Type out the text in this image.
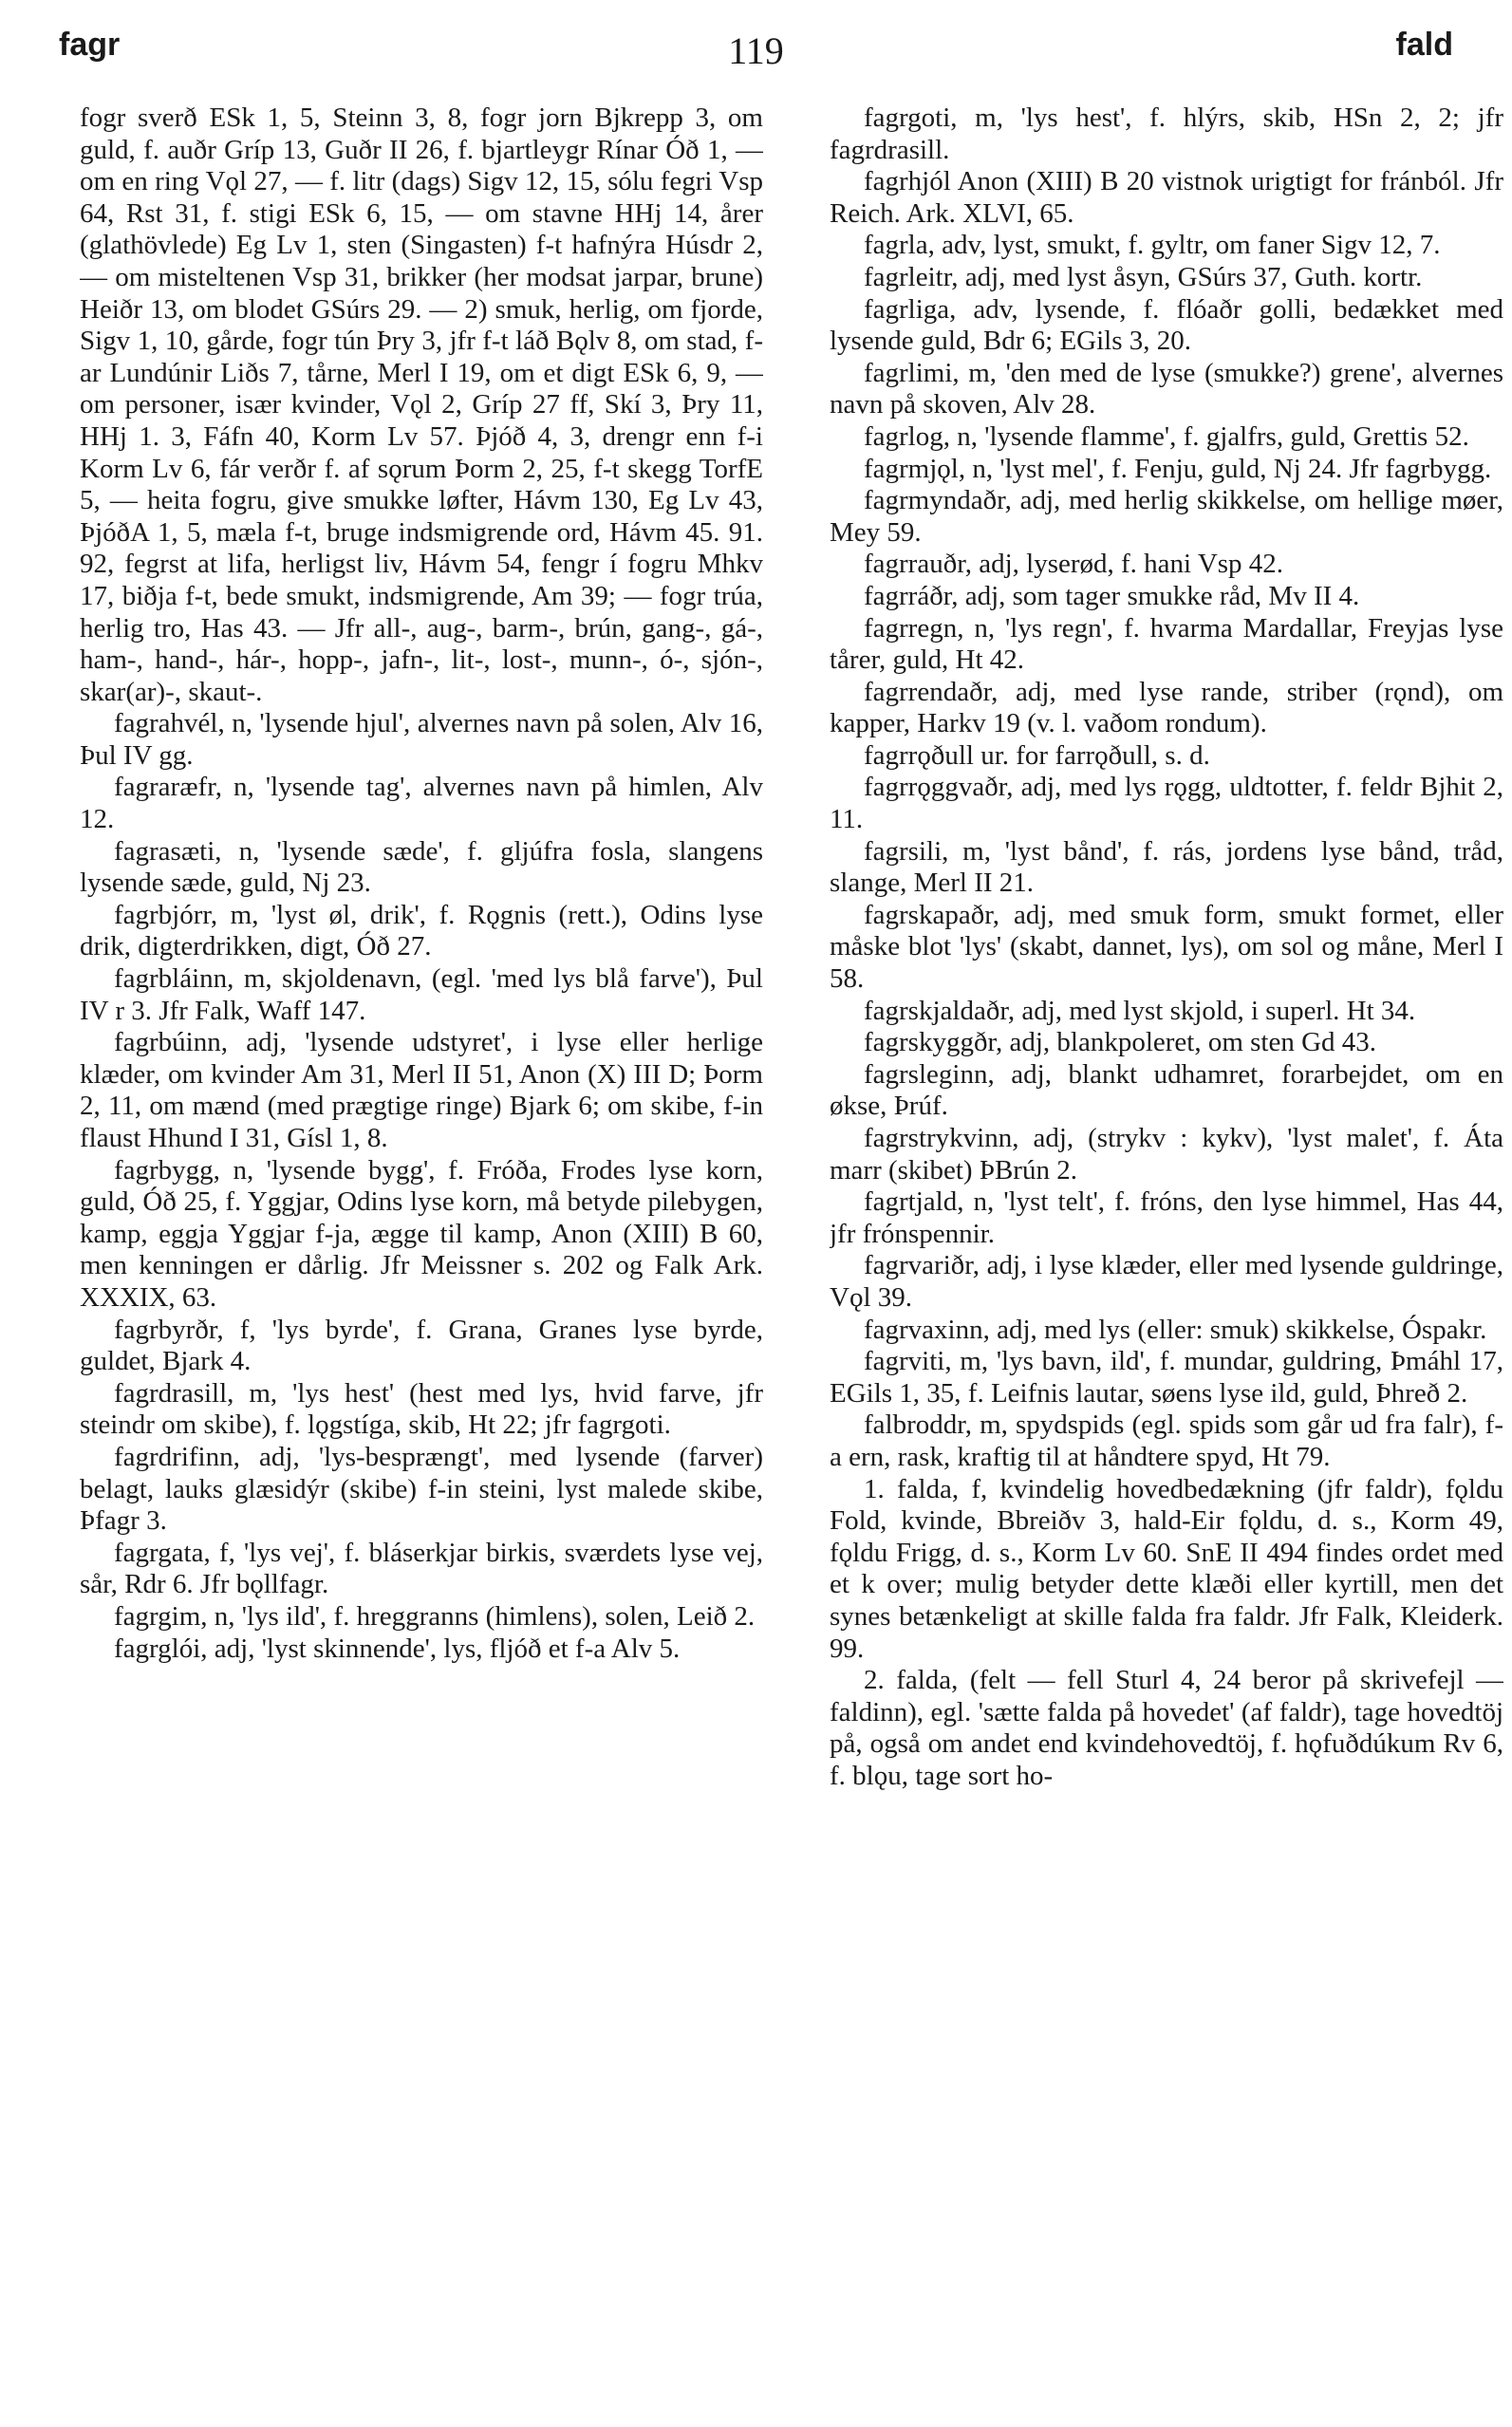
fagr	119	fald

fogr sverð ESk 1, 5, Steinn 3, 8, fogr jorn Bjkrepp 3, om guld, f. auðr Gríp 13, Guðr II 26, f. bjartleygr Rínar Óð 1, — om en ring Vǫl 27, — f. litr (dags) Sigv 12, 15, sólu fegri Vsp 64, Rst 31, f. stigi ESk 6, 15, — om stavne HHj 14, årer (glathövlede) Eg Lv 1, sten (Singasten) f-t hafnýra Húsdr 2, — om misteltenen Vsp 31, brikker (her modsat jarpar, brune) Heiðr 13, om blodet GSúrs 29. — 2) smuk, herlig, om fjorde, Sigv 1, 10, gårde, fogr tún Þry 3, jfr f-t láð Bǫlv 8, om stad, f-ar Lundúnir Liðs 7, tårne, Merl I 19, om et digt ESk 6, 9, — om personer, især kvinder, Vǫl 2, Gríp 27 ff, Skí 3, Þry 11, HHj 1. 3, Fáfn 40, Korm Lv 57. Þjóð 4, 3, drengr enn f-i Korm Lv 6, fár verðr f. af sǫrum Þorm 2, 25, f-t skegg TorfE 5, — heita fogru, give smukke løfter, Hávm 130, Eg Lv 43, ÞjóðA 1, 5, mæla f-t, bruge indsmigrende ord, Hávm 45. 91. 92, fegrst at lifa, herligst liv, Hávm 54, fengr í fogru Mhkv 17, biðja f-t, bede smukt, indsmigrende, Am 39; — fogr trúa, herlig tro, Has 43. — Jfr all-, aug-, barm-, brún, gang-, gá-, ham-, hand-, hár-, hopp-, jafn-, lit-, lost-, munn-, ó-, sjón-, skar(ar)-, skaut-.

fagrahvél, n, 'lysende hjul', alvernes navn på solen, Alv 16, Þul IV gg.

fagraræfr, n, 'lysende tag', alvernes navn på himlen, Alv 12.

fagrasæti, n, 'lysende sæde', f. gljúfra fosla, slangens lysende sæde, guld, Nj 23.

fagrbjórr, m, 'lyst øl, drik', f. Rǫgnis (rett.), Odins lyse drik, digterdrikken, digt, Óð 27.

fagrbláinn, m, skjoldenavn, (egl. 'med lys blå farve'), Þul IV r 3. Jfr Falk, Waff 147.

fagrbúinn, adj, 'lysende udstyret', i lyse eller herlige klæder, om kvinder Am 31, Merl II 51, Anon (X) III D; Þorm 2, 11, om mænd (med prægtige ringe) Bjark 6; om skibe, f-in flaust Hhund I 31, Gísl 1, 8.

fagrbygg, n, 'lysende bygg', f. Fróða, Frodes lyse korn, guld, Óð 25, f. Yggjar, Odins lyse korn, må betyde pilebygen, kamp, eggja Yggjar f-ja, ægge til kamp, Anon (XIII) B 60, men kenningen er dårlig. Jfr Meissner s. 202 og Falk Ark. XXXIX, 63.

fagrbyrðr, f, 'lys byrde', f. Grana, Granes lyse byrde, guldet, Bjark 4.

fagrdrasill, m, 'lys hest' (hest med lys, hvid farve, jfr steindr om skibe), f. lǫgstíga, skib, Ht 22; jfr fagrgoti.

fagrdrifinn, adj, 'lys-besprængt', med lysende (farver) belagt, lauks glæsidýr (skibe) f-in steini, lyst malede skibe, Þfagr 3.

fagrgata, f, 'lys vej', f. bláserkjar birkis, sværdets lyse vej, sår, Rdr 6. Jfr bǫllfagr.

fagrgim, n, 'lys ild', f. hreggranns (himlens), solen, Leið 2.

fagrglói, adj, 'lyst skinnende', lys, fljóð et f-a Alv 5.

fagrgoti, m, 'lys hest', f. hlýrs, skib, HSn 2, 2; jfr fagrdrasill.

fagrhjól Anon (XIII) B 20 vistnok urigtigt for fránból. Jfr Reich. Ark. XLVI, 65.

fagrla, adv, lyst, smukt, f. gyltr, om faner Sigv 12, 7.

fagrleitr, adj, med lyst åsyn, GSúrs 37, Guth. kortr.

fagrliga, adv, lysende, f. flóaðr golli, bedækket med lysende guld, Bdr 6; EGils 3, 20.

fagrlimi, m, 'den med de lyse (smukke?) grene', alvernes navn på skoven, Alv 28.

fagrlog, n, 'lysende flamme', f. gjalfrs, guld, Grettis 52.

fagrmjǫl, n, 'lyst mel', f. Fenju, guld, Nj 24. Jfr fagrbygg.

fagrmyndaðr, adj, med herlig skikkelse, om hellige møer, Mey 59.

fagrrauðr, adj, lyserød, f. hani Vsp 42.

fagrráðr, adj, som tager smukke råd, Mv II 4.

fagrregn, n, 'lys regn', f. hvarma Mardallar, Freyjas lyse tårer, guld, Ht 42.

fagrrendaðr, adj, med lyse rande, striber (rǫnd), om kapper, Harkv 19 (v. l. vaðom rondum).

fagrrǫðull ur. for farrǫðull, s. d.

fagrrǫggvaðr, adj, med lys rǫgg, uldtotter, f. feldr Bjhit 2, 11.

fagrsili, m, 'lyst bånd', f. rás, jordens lyse bånd, tråd, slange, Merl II 21.

fagrskapaðr, adj, med smuk form, smukt formet, eller måske blot 'lys' (skabt, dannet, lys), om sol og måne, Merl I 58.

fagrskjaldaðr, adj, med lyst skjold, i superl. Ht 34.

fagrskyggðr, adj, blankpoleret, om sten Gd 43.

fagrsleginn, adj, blankt udhamret, forarbejdet, om en økse, Þrúf.

fagrstrykvinn, adj, (strykv : kykv), 'lyst malet', f. Áta marr (skibet) ÞBrún 2.

fagrtjald, n, 'lyst telt', f. fróns, den lyse himmel, Has 44, jfr frónspennir.

fagrvariðr, adj, i lyse klæder, eller med lysende guldringe, Vǫl 39.

fagrvaxinn, adj, med lys (eller: smuk) skikkelse, Óspakr.

fagrviti, m, 'lys bavn, ild', f. mundar, guldring, Þmáhl 17, EGils 1, 35, f. Leifnis lautar, søens lyse ild, guld, Þhreð 2.

falbroddr, m, spydspids (egl. spids som går ud fra falr), f-a ern, rask, kraftig til at håndtere spyd, Ht 79.

1. falda, f, kvindelig hovedbedækning (jfr faldr), fǫldu Fold, kvinde, Bbreiðv 3, hald-Eir fǫldu, d. s., Korm 49, fǫldu Frigg, d. s., Korm Lv 60. SnE II 494 findes ordet med et k over; mulig betyder dette klæði eller kyrtill, men det synes betænkeligt at skille falda fra faldr. Jfr Falk, Kleiderk. 99.

2. falda, (felt — fell Sturl 4, 24 beror på skrivefejl — faldinn), egl. 'sætte falda på hovedet' (af faldr), tage hovedtöj på, også om andet end kvindehovedtöj, f. hǫfuðdúkum Rv 6, f. blǫu, tage sort ho-
